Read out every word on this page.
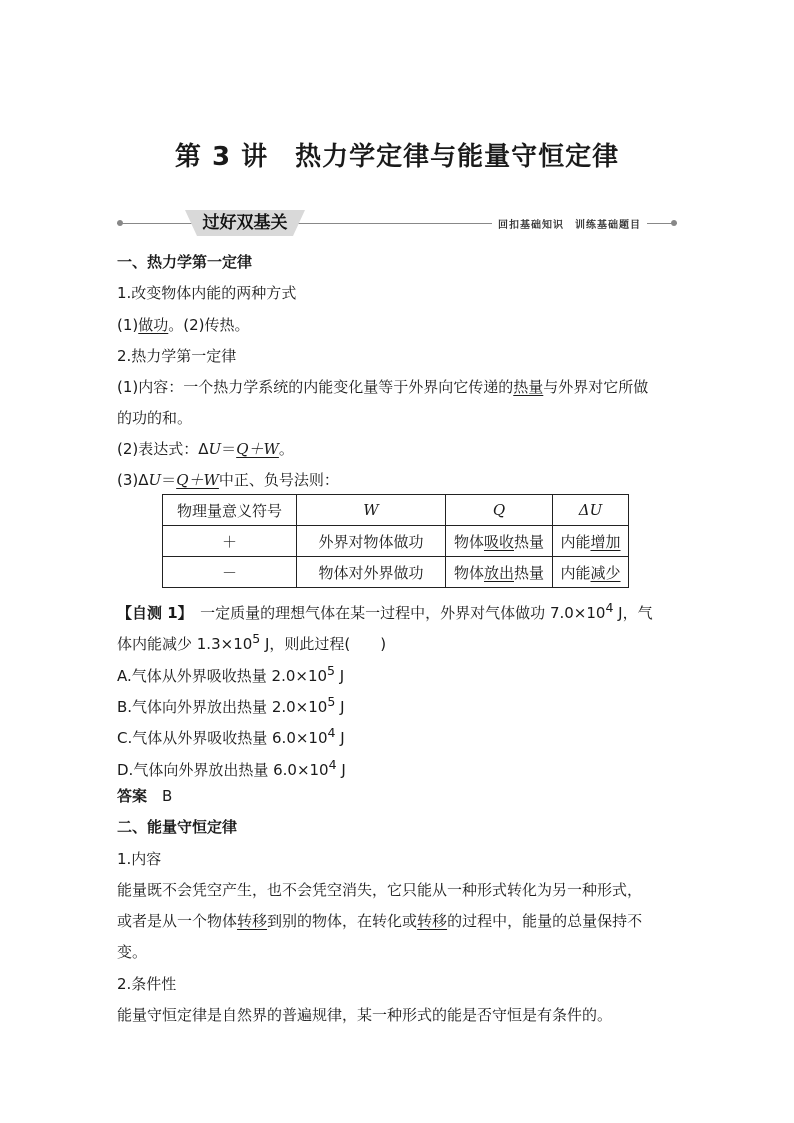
第 3 讲　热力学定律与能量守恒定律
过好双基关	回扣基础知识　训练基础题目
一、热力学第一定律
1.改变物体内能的两种方式
(1)做功。(2)传热。
2.热力学第一定律
(1)内容：一个热力学系统的内能变化量等于外界向它传递的热量与外界对它所做
的功的和。
(2)表达式：ΔU＝Q＋W。
(3)ΔU＝Q＋W中正、负号法则：
物理量意义符号	W	Q	ΔU
＋	外界对物体做功	物体吸收热量	内能增加
－	物体对外界做功	物体放出热量	内能减少
【自测 1】　一定质量的理想气体在某一过程中，外界对气体做功 $7.0\times 10^4$ J，气
体内能减少 $1.3\times 10^5$ J，则此过程(　　)
A.气体从外界吸收热量 $2.0\times 10^5$ J
B.气体向外界放出热量 $2.0\times 10^5$ J
C.气体从外界吸收热量 $6.0\times 10^4$ J
D.气体向外界放出热量 $6.0\times 10^4$ J
答案　 B
二、能量守恒定律
1.内容
能量既不会凭空产生，也不会凭空消失，它只能从一种形式转化为另一种形式，
或者是从一个物体转移到别的物体，在转化或转移的过程中，能量的总量保持不
变。
2.条件性
能量守恒定律是自然界的普遍规律，某一种形式的能是否守恒是有条件的。
